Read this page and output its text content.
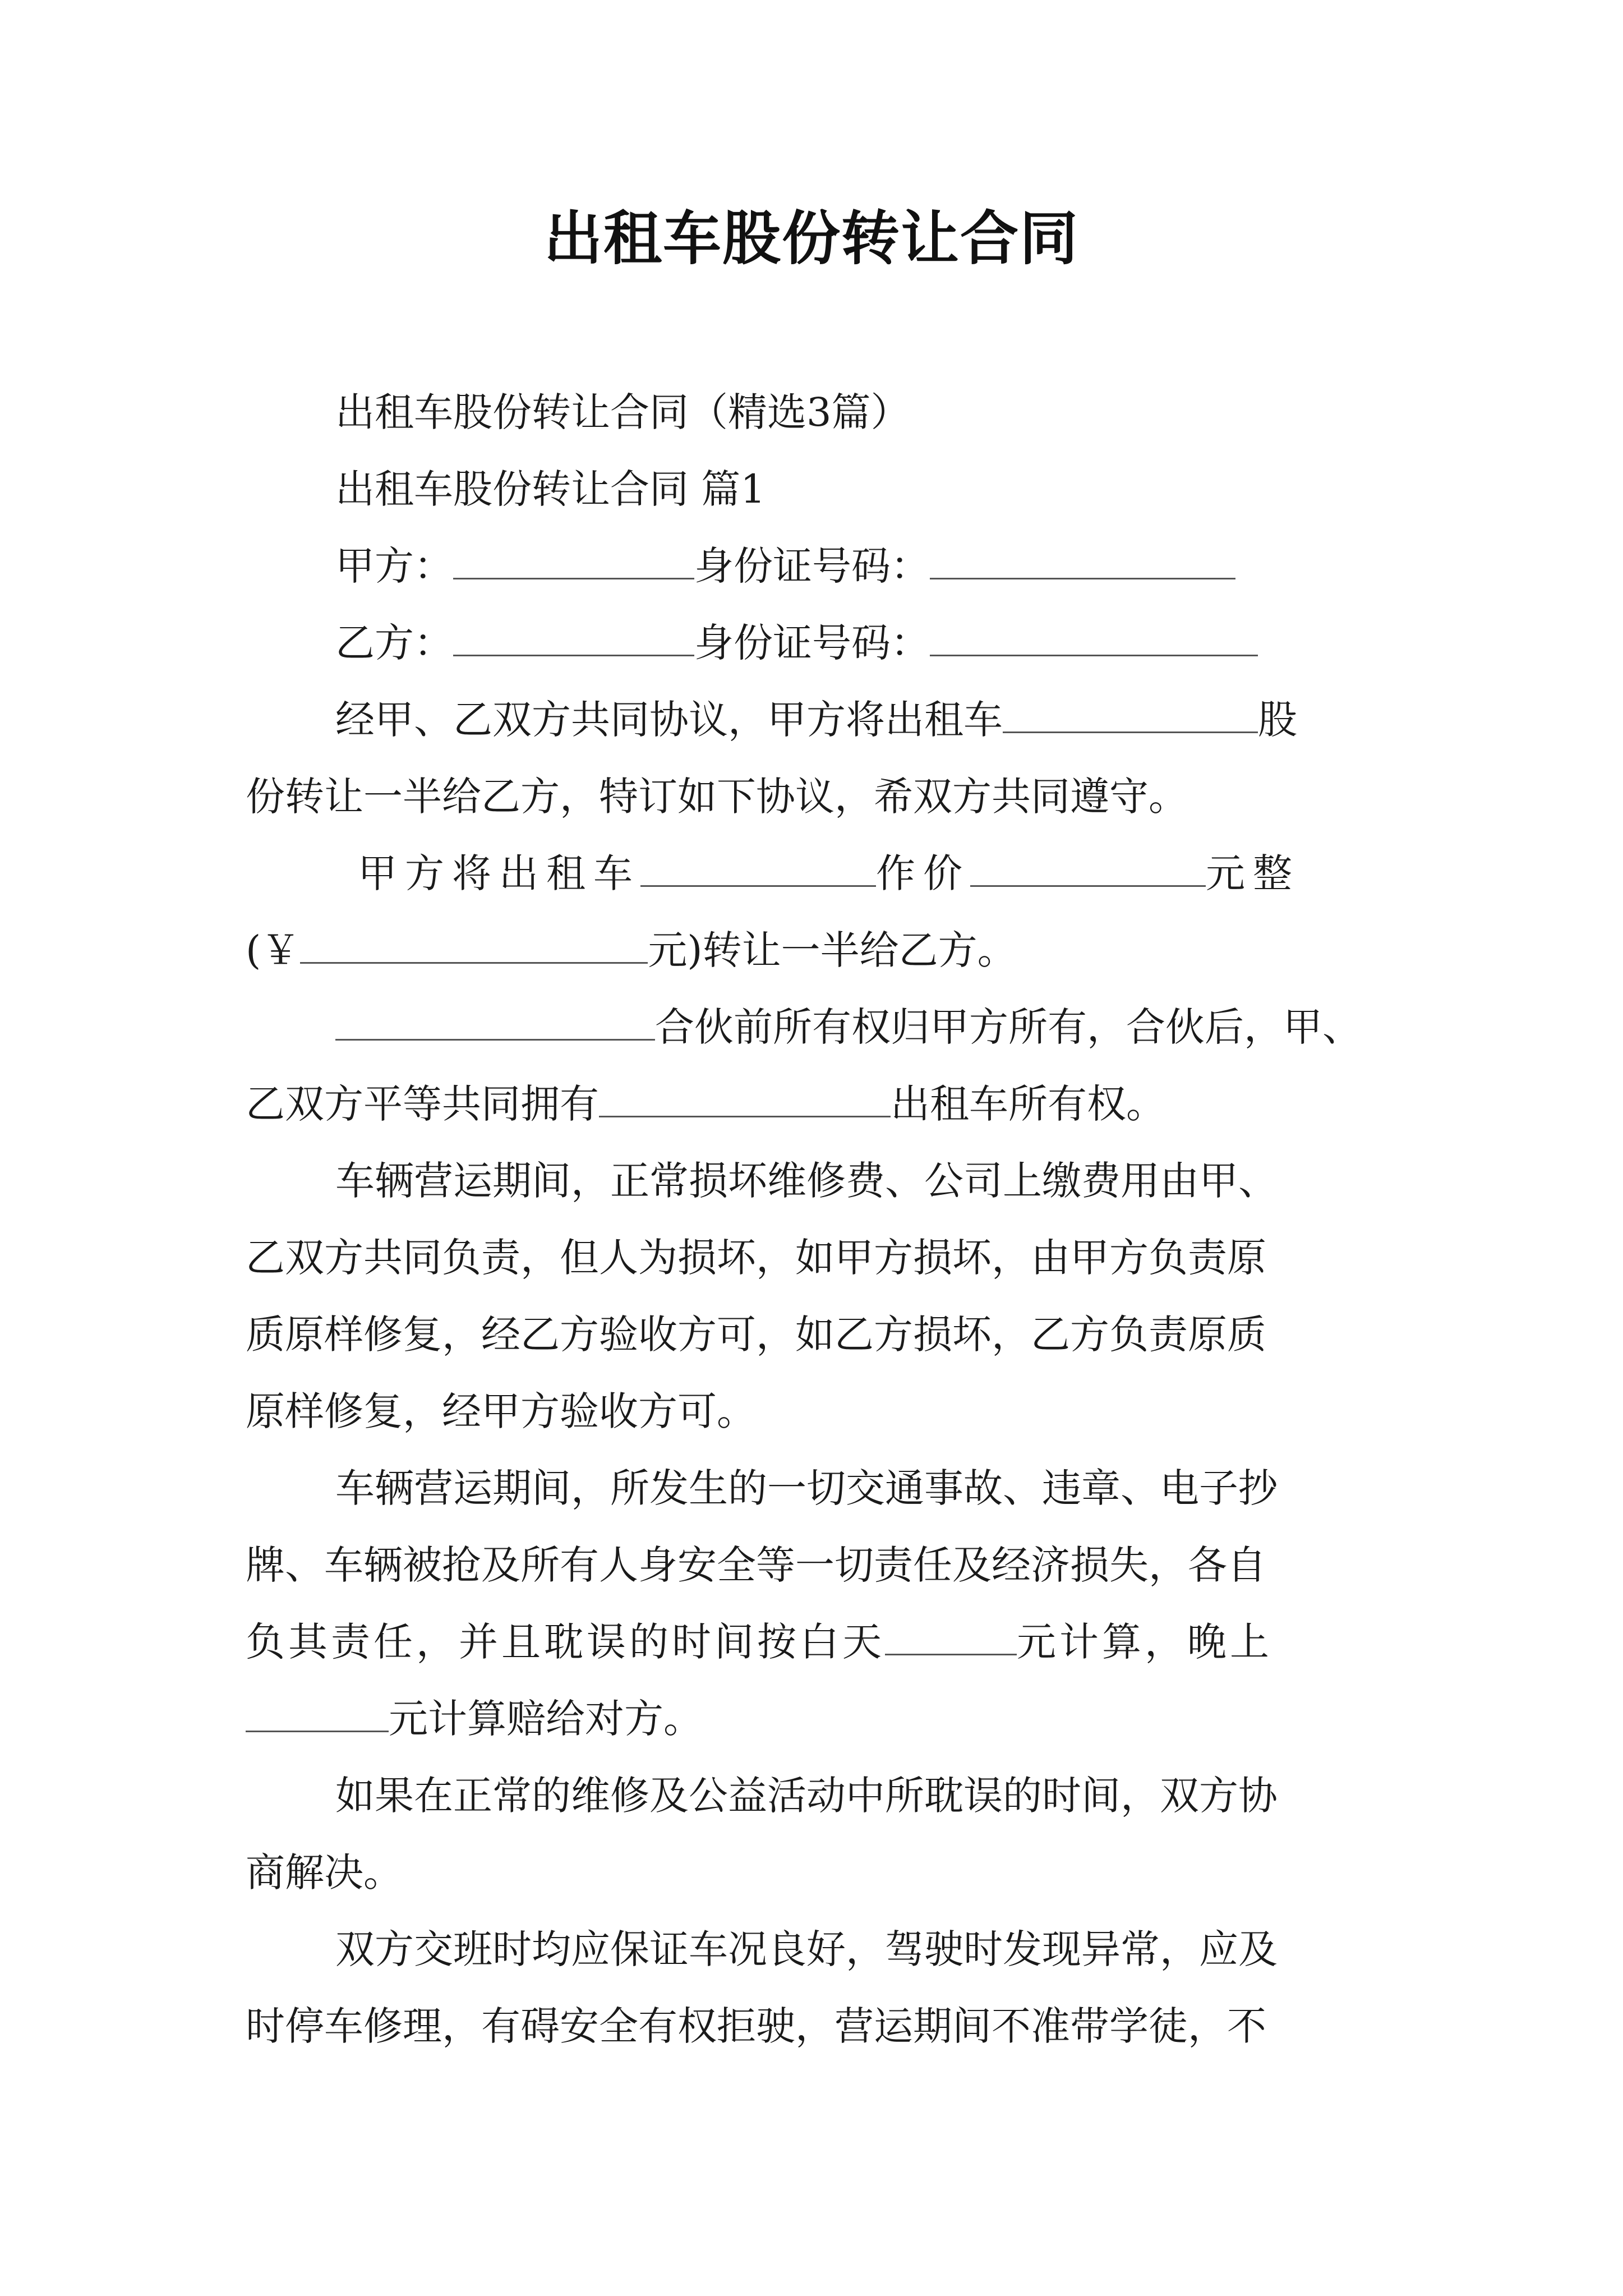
出租车股份转让合同
出租车股份转让合同（精选3篇）
出租车股份转让合同 篇1
甲方：	身份证号码：
乙方：	身份证号码：
经甲、乙双方共同协议，甲方将出租车	股
份转让一半给乙方，特订如下协议，希双方共同遵守。
甲方将出租车	作价	元整
(￥	元)转让一半给乙方。
合伙前所有权归甲方所有，合伙后，甲、
乙双方平等共同拥有	出租车所有权。
车辆营运期间，正常损坏维修费、公司上缴费用由甲、
乙双方共同负责，但人为损坏，如甲方损坏，由甲方负责原
质原样修复，经乙方验收方可，如乙方损坏，乙方负责原质
原样修复，经甲方验收方可。
车辆营运期间，所发生的一切交通事故、违章、电子抄
牌、车辆被抢及所有人身安全等一切责任及经济损失，各自
负其责任，并且耽误的时间按白天	元计算，晚上
元计算赔给对方。
如果在正常的维修及公益活动中所耽误的时间，双方协
商解决。
双方交班时均应保证车况良好，驾驶时发现异常，应及
时停车修理，有碍安全有权拒驶，营运期间不准带学徒，不
